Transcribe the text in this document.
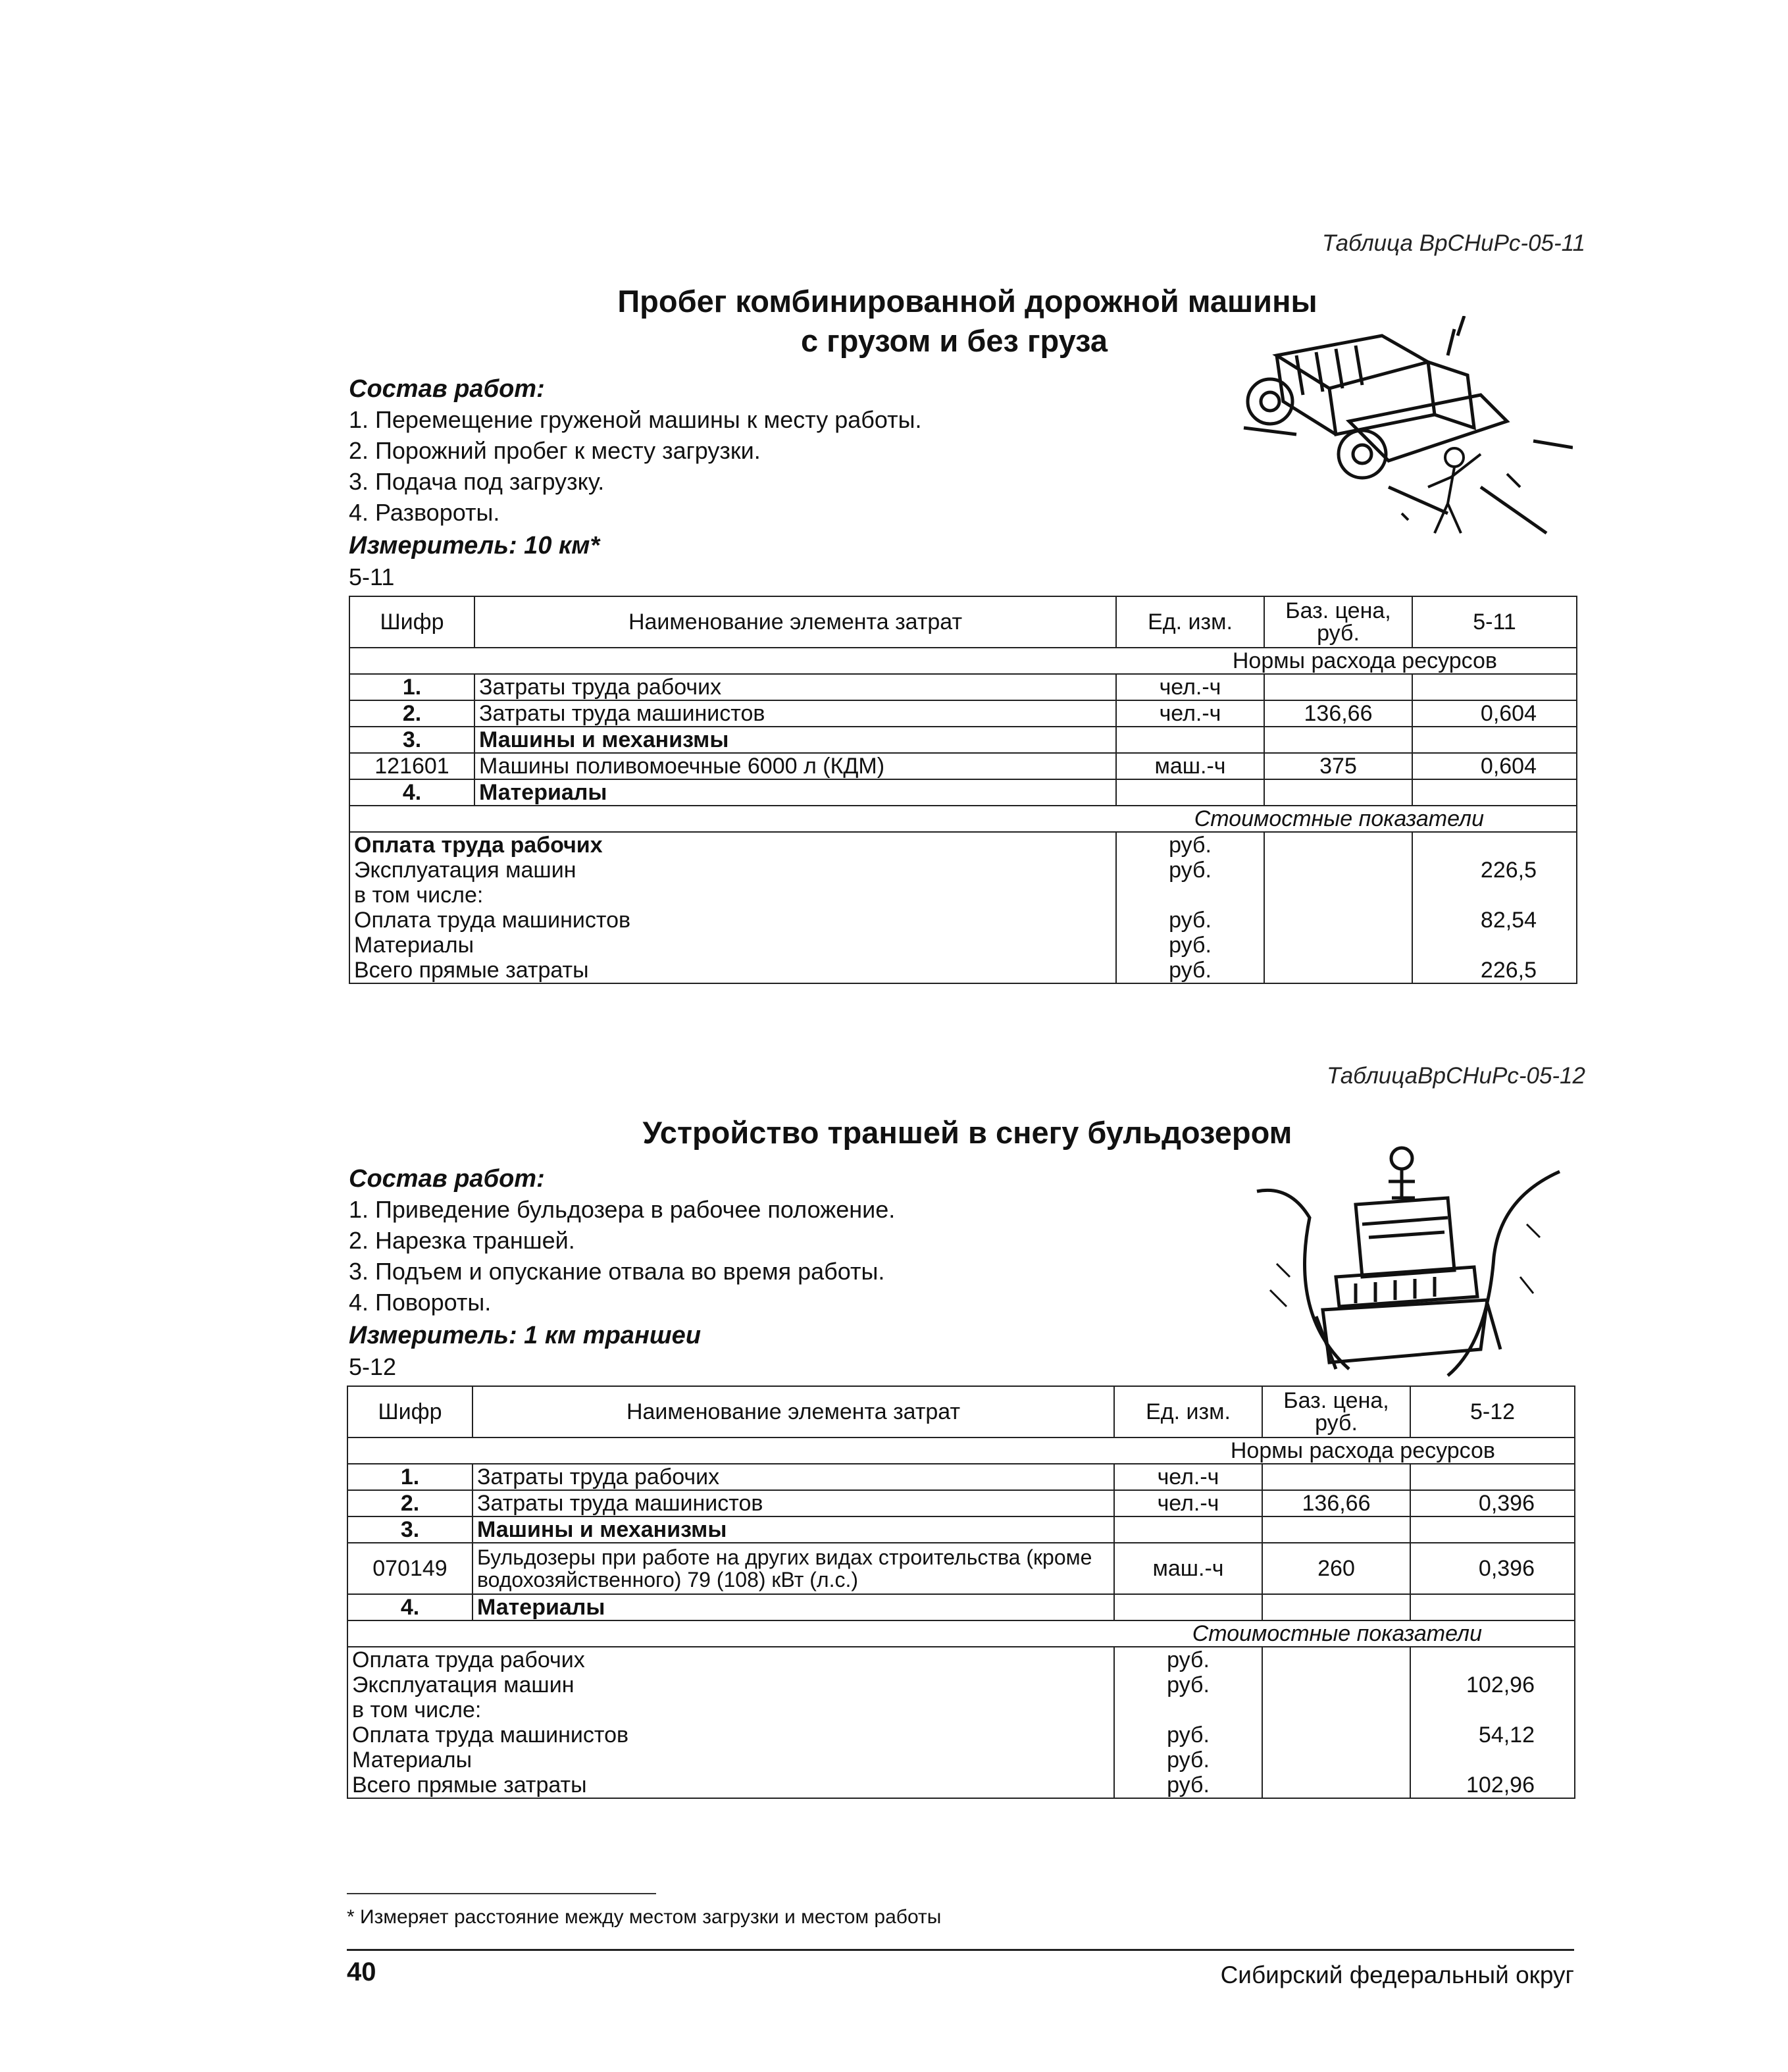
Таблица ВрСНиРс-05-11
Пробег комбинированной дорожной машины
с грузом и без груза
Состав работ:
1. Перемещение груженой машины к месту работы.
2. Порожний пробег к месту загрузки.
3. Подача под загрузку.
4. Развороты.
Измеритель: 10 км*
5-11
Шифр	Наименование элемента затрат	Ед. изм.	Баз. цена, руб.	5-11
Нормы расхода ресурсов				
1.	Затраты труда рабочих	чел.-ч		
2.	Затраты труда машинистов	чел.-ч	136,66	0,604
3.	Машины и механизмы			
121601	Машины поливомоечные 6000 л (КДМ)	маш.-ч	375	0,604
4.	Материалы			
Стоимостные показатели				
Оплата труда рабочих		руб.		
Эксплуатация машин		руб.		226,5
в том числе:				
Оплата труда машинистов		руб.		82,54
Материалы		руб.		
Всего прямые затраты		руб.		226,5
ТаблицаВрСНиРс-05-12
Устройство траншей в снегу бульдозером
Состав работ:
1. Приведение бульдозера в рабочее положение.
2. Нарезка траншей.
3. Подъем и опускание отвала во время работы.
4. Повороты.
Измеритель: 1 км траншеи
5-12
Шифр	Наименование элемента затрат	Ед. изм.	Баз. цена, руб.	5-12
Нормы расхода ресурсов				
1.	Затраты труда рабочих	чел.-ч		
2.	Затраты труда машинистов	чел.-ч	136,66	0,396
3.	Машины и механизмы			
070149	Бульдозеры при работе на других видах строительства (кроме водохозяйственного) 79 (108) кВт (л.с.)	маш.-ч	260	0,396
4.	Материалы			
Стоимостные показатели				
Оплата труда рабочих		руб.		
Эксплуатация машин		руб.		102,96
в том числе:				
Оплата труда машинистов		руб.		54,12
Материалы		руб.		
Всего прямые затраты		руб.		102,96
* Измеряет расстояние между местом загрузки и местом работы
40	Сибирский федеральный округ
